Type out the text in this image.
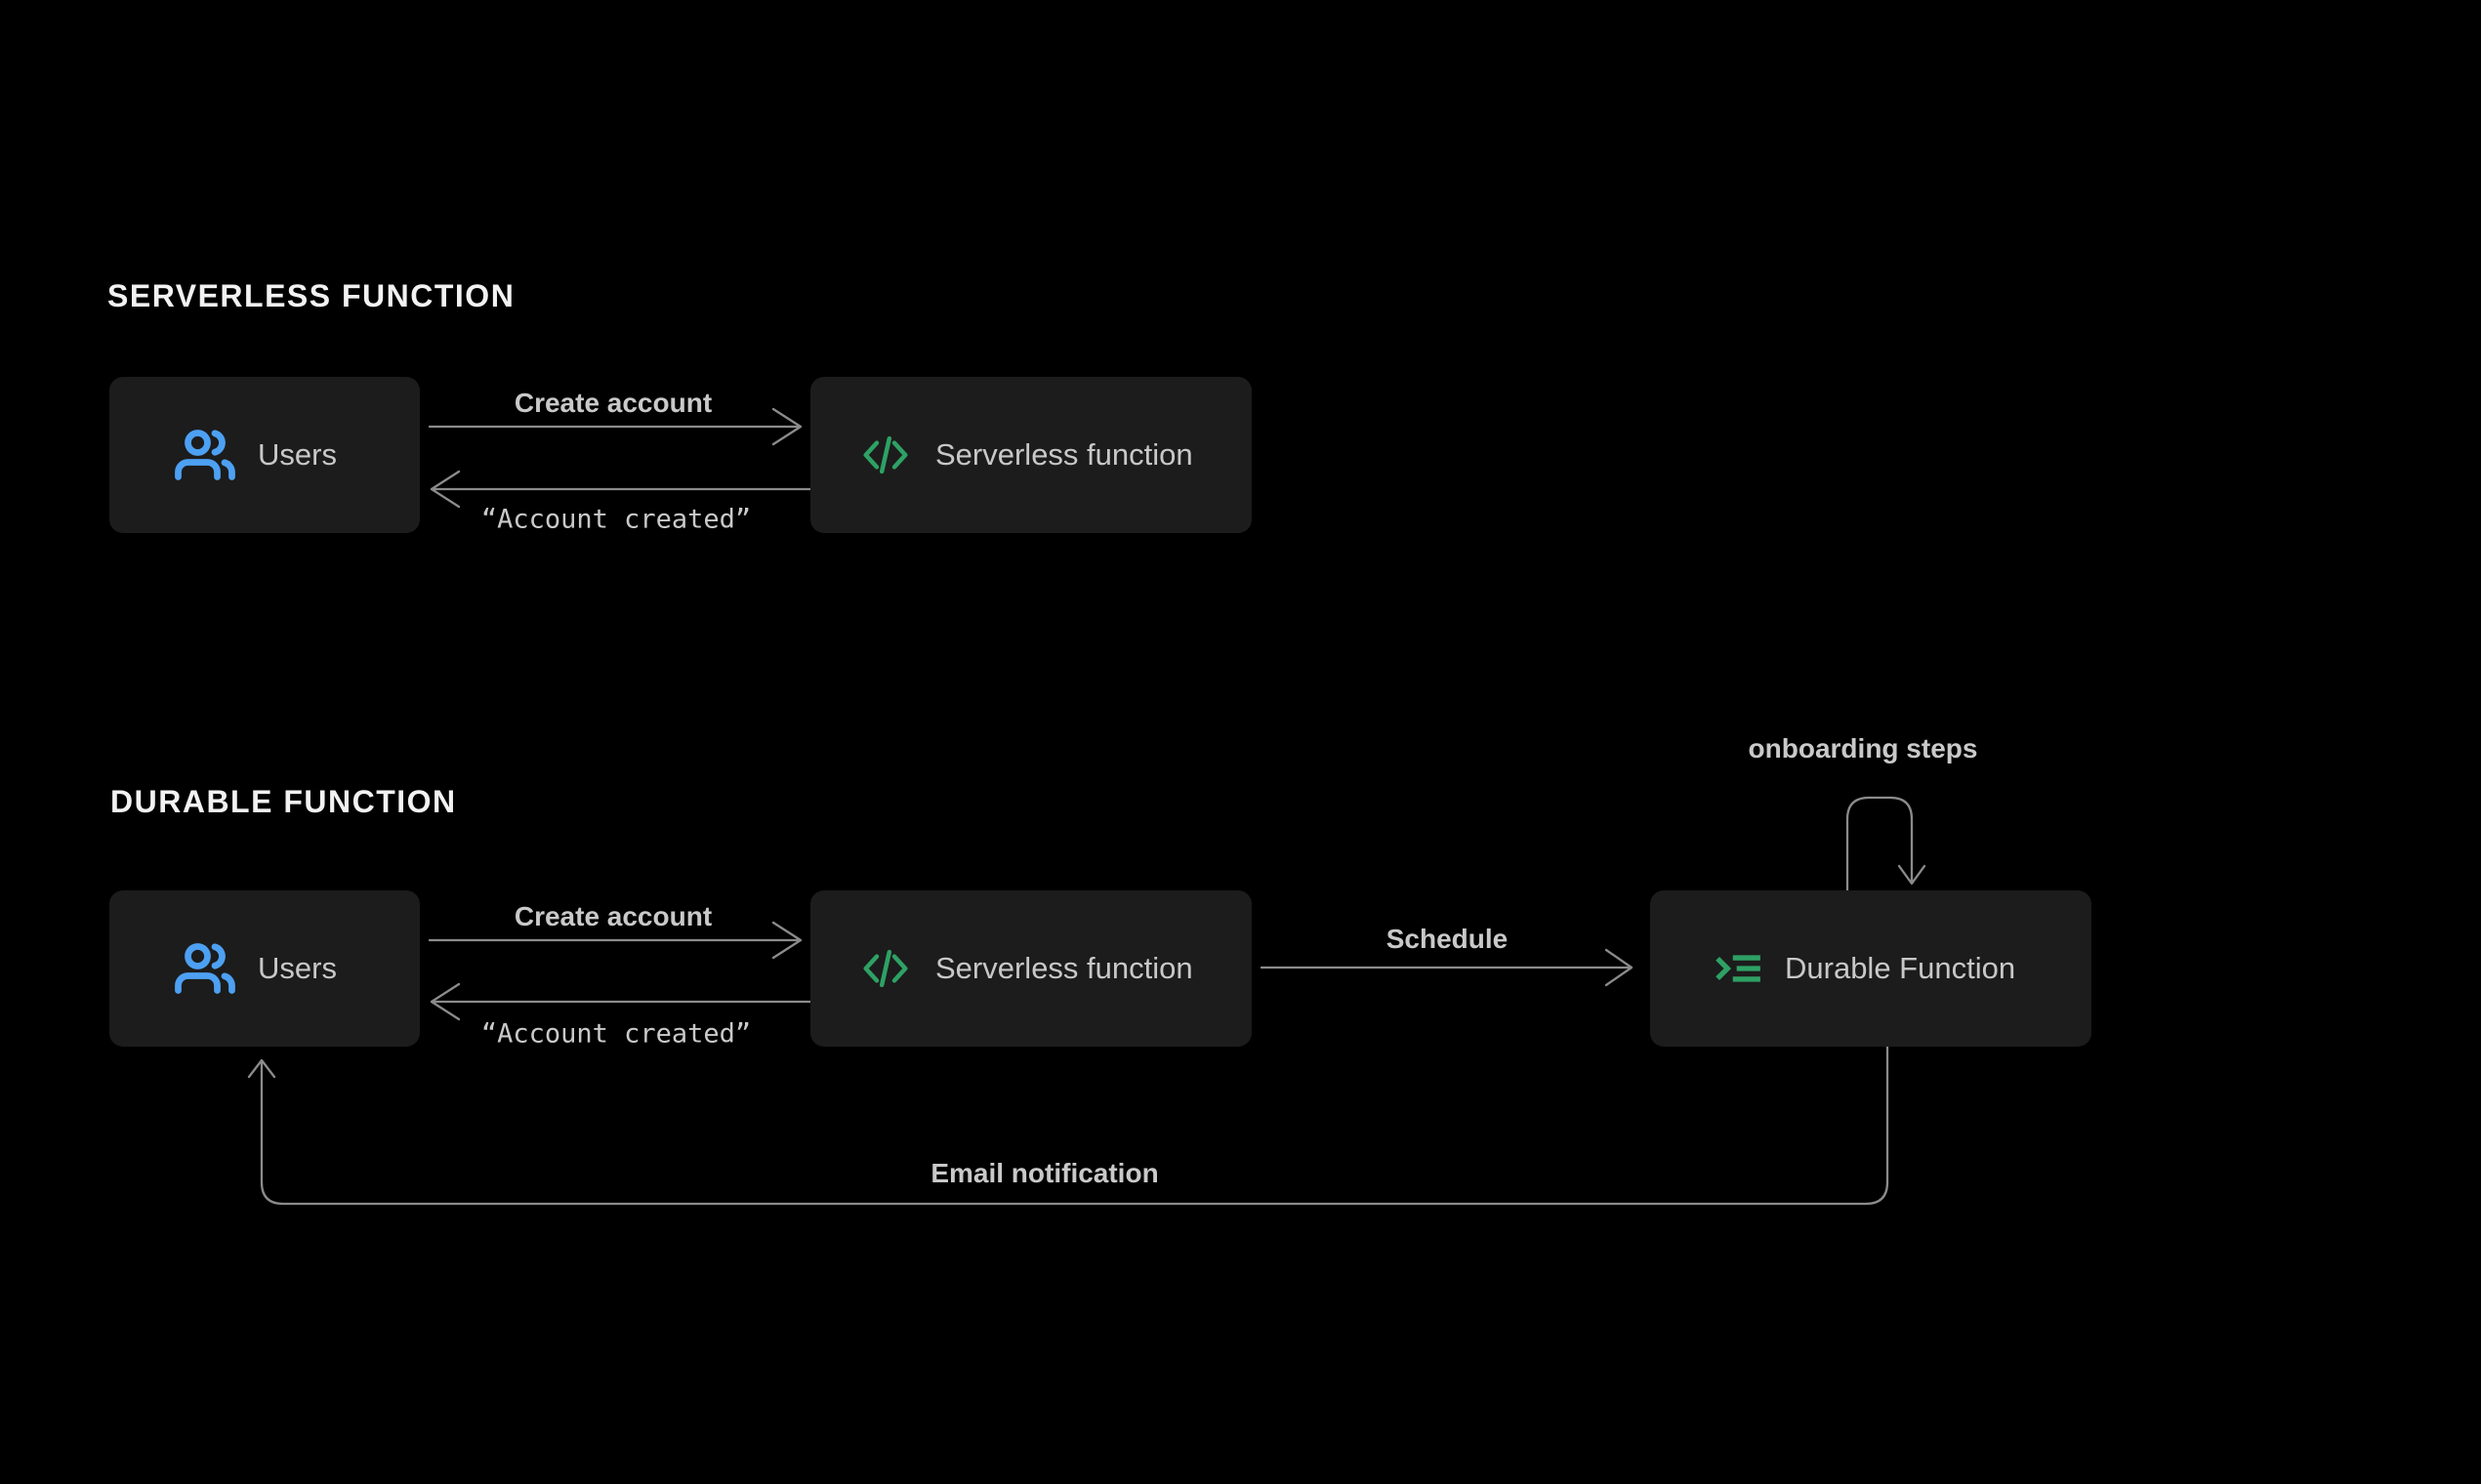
SERVERLESS FUNCTION
Users	Serverless function
Create account
“Account created”
DURABLE FUNCTION
Users	Serverless function	Durable Function
Create account
“Account created”
Schedule
onboarding steps
Email notification
